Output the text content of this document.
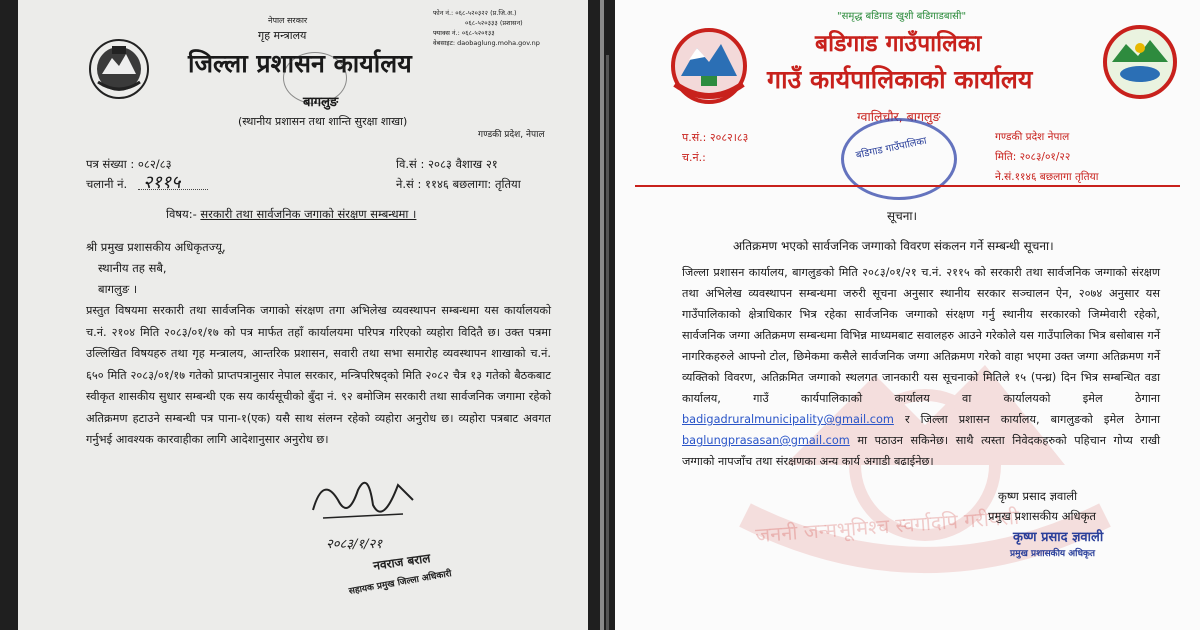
नेपाल सरकार
गृह मन्त्रालय
फोन नं.: ०६८-५२०३२२ (प्र.जि.अ.)
०६८-५२०३३३ (प्रशासन)
फ्याक्स नं.: ०६८-५२०१३३
वेबसाइट: daobaglung.moha.gov.np
जिल्ला प्रशासन कार्यालय
बागलुङ
(स्थानीय प्रशासन तथा शान्ति सुरक्षा शाखा)
गण्डकी प्रदेश, नेपाल
पत्र संख्या : ०८२/८३
चलानी नं. २११५
वि.सं : २०८३ वैशाख २१
ने.सं : ११४६ बछलागा: तृतिया
विषय:- सरकारी तथा सार्वजनिक जगाको संरक्षण सम्बन्धमा ।
श्री प्रमुख प्रशासकीय अधिकृतज्यू,
स्थानीय तह सबै,
बागलुङ ।

प्रस्तुत विषयमा सरकारी तथा सार्वजनिक जगाको संरक्षण तगा अभिलेख व्यवस्थापन सम्बन्धमा यस कार्यालयको च.नं. २१०४ मिति २०८३/०१/१७ को पत्र मार्फत तहाँ कार्यालयमा परिपत्र गरिएको व्यहोरा विदितै छ। उक्त पत्रमा उल्लिखित विषयहरु तथा गृह मन्त्रालय, आन्तरिक प्रशासन, सवारी तथा सभा समारोह व्यवस्थापन शाखाको च.नं. ६५० मिति २०८३/०१/१७ गतेको प्राप्तपत्रानुसार नेपाल सरकार, मन्त्रिपरिषद्को मिति २०८२ चैत्र १३ गतेको बैठकबाट स्वीकृत शासकीय सुधार सम्बन्धी एक सय कार्यसूचीको बुँदा नं. ९२ बमोजिम सरकारी तथा सार्वजनिक जगामा रहेको अतिक्रमण हटाउने सम्बन्धी पत्र पाना-१(एक) यसै साथ संलग्न रहेको व्यहोरा अनुरोध छ। व्यहोरा पत्रबाट अवगत गर्नुभई आवश्यक कारवाहीका लागि आदेशानुसार अनुरोध छ।

२०८३/१/२१
नवराज बराल
सहायक प्रमुख जिल्ला अधिकारी
जननी जन्मभूमिश्च स्वर्गादपि गरीयसी
"समृद्ध बडिगाड खुशी बडिगाडबासी"
बडिगाड गाउँपालिका
गाउँ कार्यपालिकाको कार्यालय
ग्वालिचौर, बागलुङ
बडिगाड गाउँपालिका
प.सं.: २०८२।८३
च.नं.:
गण्डकी प्रदेश नेपाल
मिति: २०८३/०१/२२
ने.सं.११४६ बछलागा तृतिया
सूचना।
अतिक्रमण भएको सार्वजनिक जग्गाको विवरण संकलन गर्ने सम्बन्धी सूचना।

जिल्ला प्रशासन कार्यालय, बागलुङको मिति २०८३/०१/२१ च.नं. २११५ को सरकारी तथा सार्वजनिक जग्गाको संरक्षण तथा अभिलेख व्यवस्थापन सम्बन्धमा जरुरी सूचना अनुसार स्थानीय सरकार सञ्चालन ऐन, २०७४ अनुसार यस गाउँपालिकाको क्षेत्राधिकार भित्र रहेका सार्वजनिक जग्गाको संरक्षण गर्नु स्थानीय सरकारको जिम्मेवारी रहेको, सार्वजनिक जग्गा अतिक्रमण सम्बन्धमा विभिन्न माध्यमबाट सवालहरु आउने गरेकोले यस गाउँपालिका भित्र बसोबास गर्ने नागरिकहरुले आफ्नो टोल, छिमेकमा कसैले सार्वजनिक जग्गा अतिक्रमण गरेको वाहा भएमा उक्त जग्गा अतिक्रमण गर्ने व्यक्तिको विवरण, अतिक्रमित जग्गाको स्थलगत जानकारी यस सूचनाको मितिले १५ (पन्ध्र) दिन भित्र सम्बन्धित वडा कार्यालय, गाउँ कार्यपालिकाको कार्यालय वा कार्यालयको इमेल ठेगाना badigadruralmunicipality@gmail.com र जिल्ला प्रशासन कार्यालय, बागलुङको इमेल ठेगाना baglungprasasan@gmail.com मा पठाउन सकिनेछ। साथै त्यस्ता निवेदकहरुको पहिचान गोप्य राखी जग्गाको नापजाँच तथा संरक्षणका अन्य कार्य अगाडी बढाईनेछ।

कृष्ण प्रसाद ज्ञवाली
प्रमुख प्रशासकीय अधिकृत
कृष्ण प्रसाद ज्ञवाली
प्रमुख प्रशासकीय अधिकृत
